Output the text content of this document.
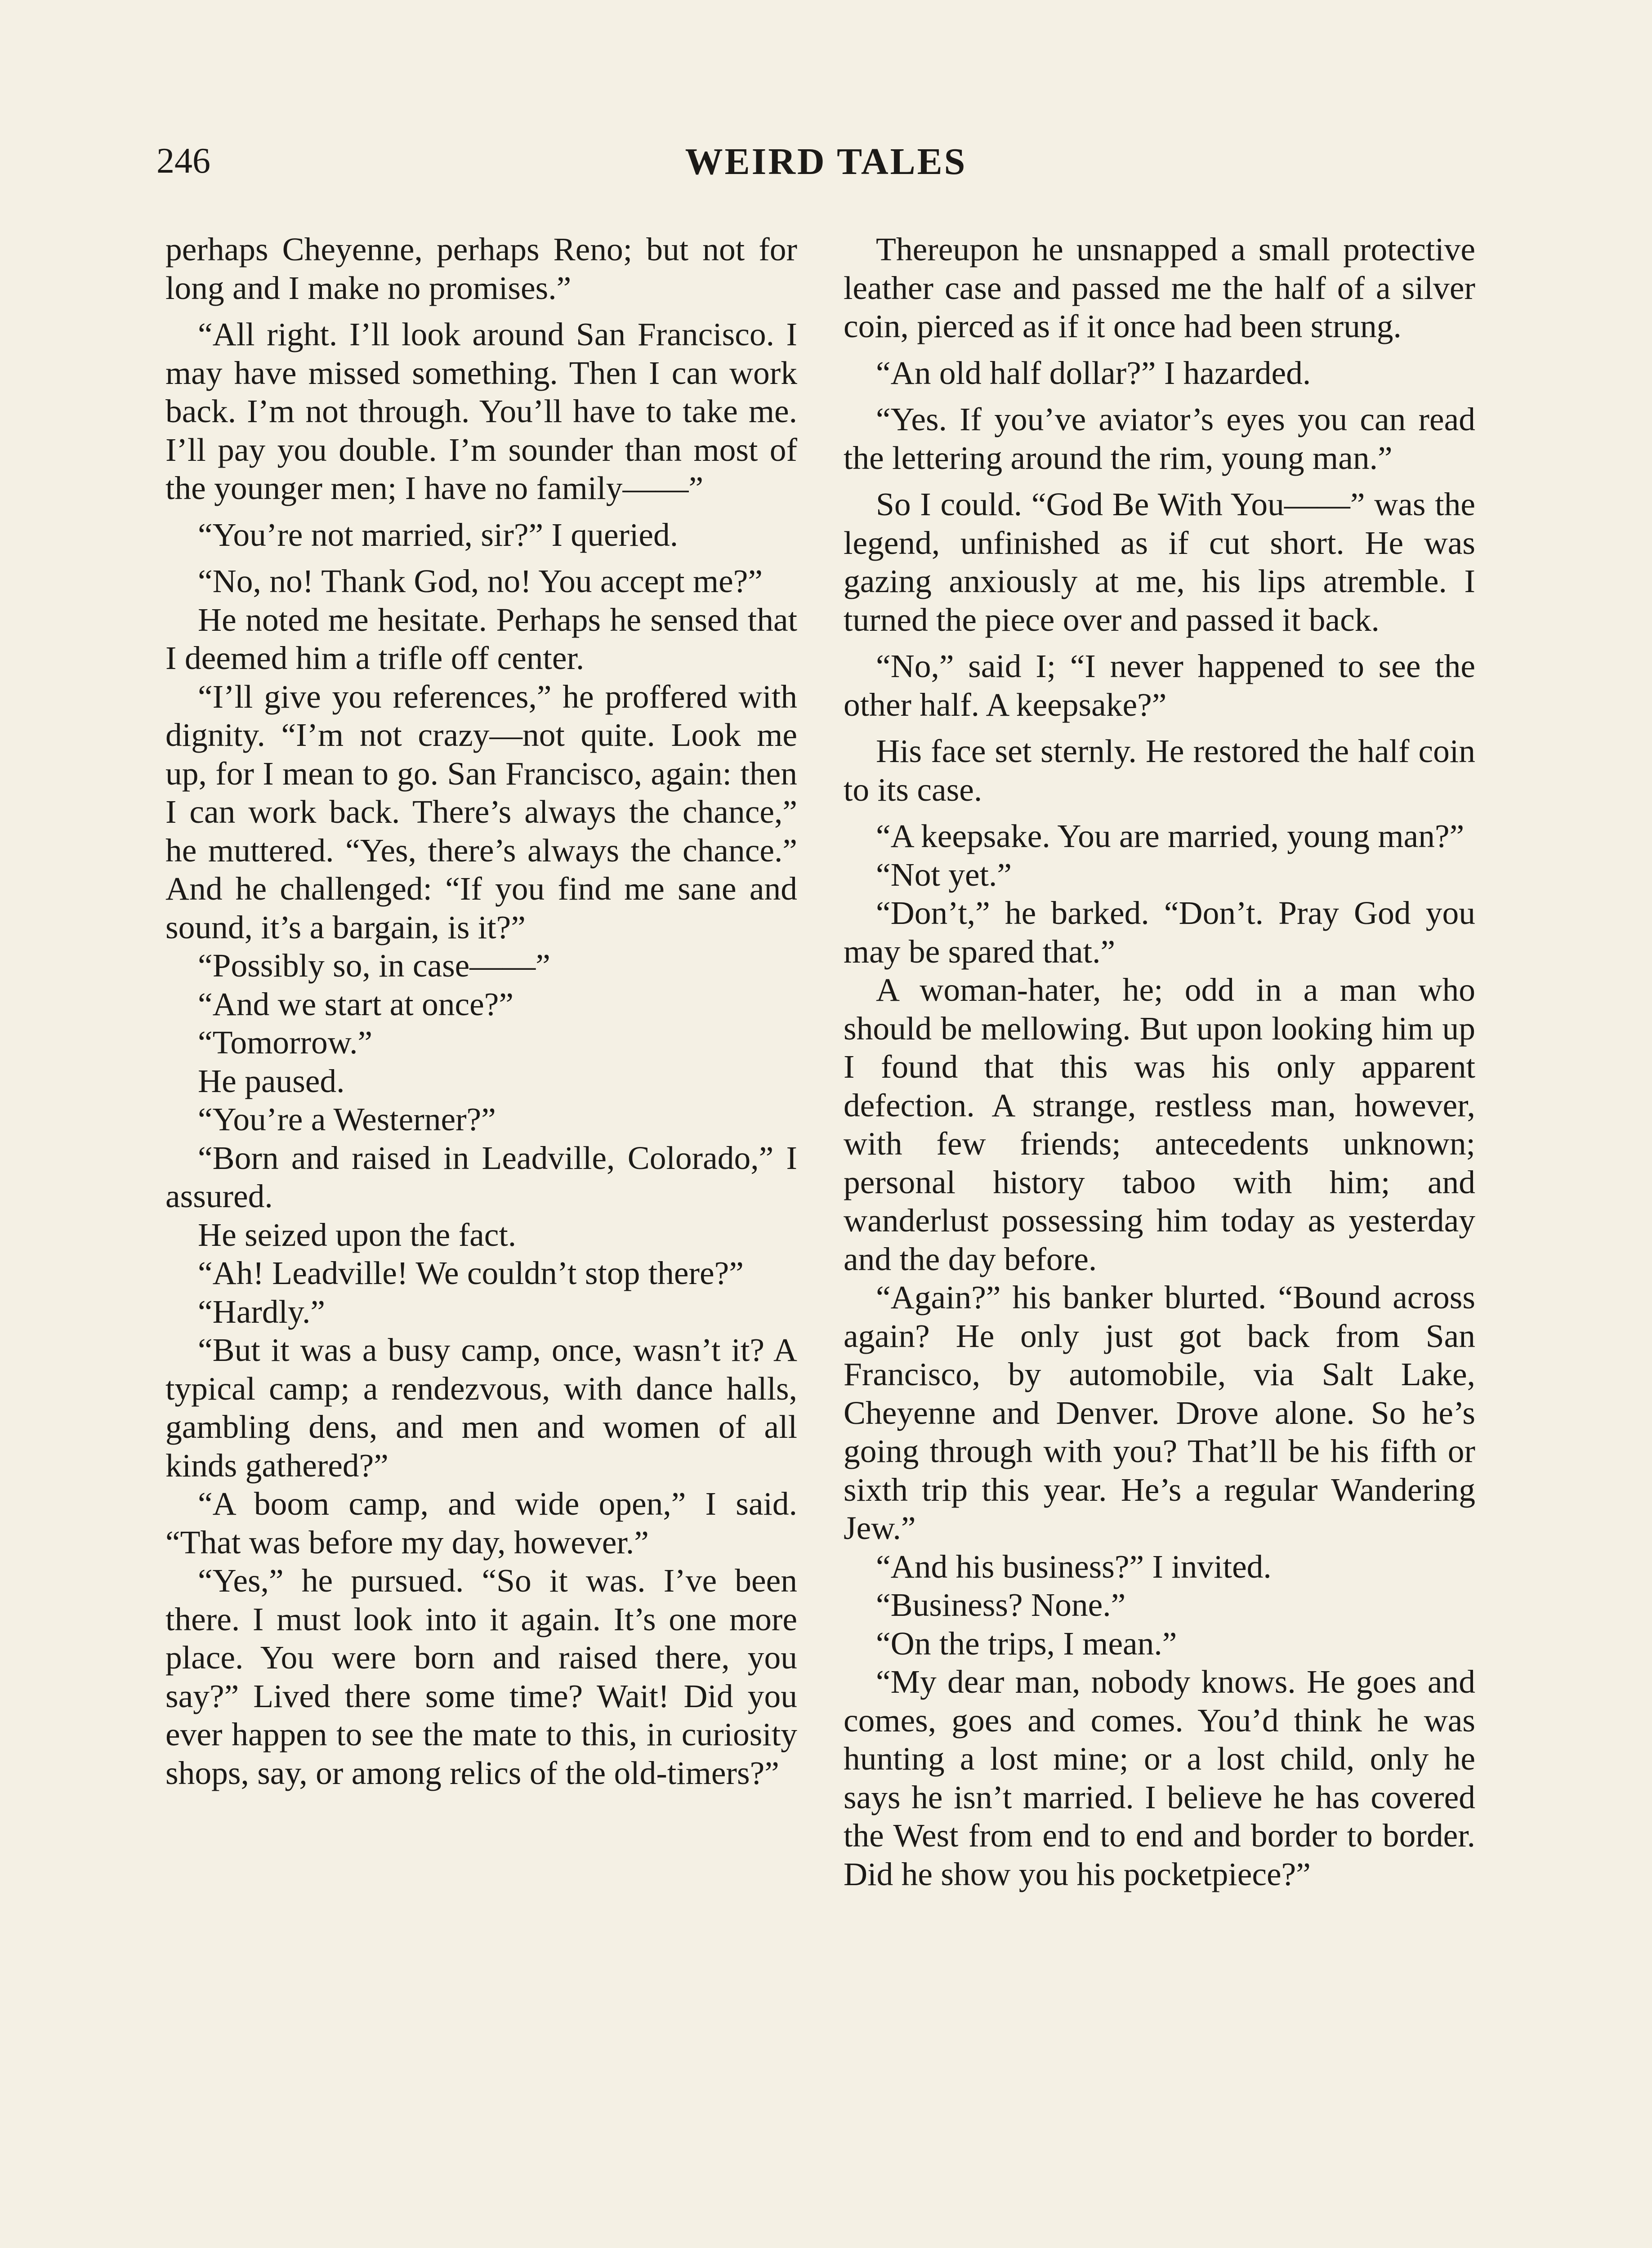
246	WEIRD TALES

perhaps Cheyenne, perhaps Reno; but not for long and I make no promises.”

“All right. I’ll look around San Francisco. I may have missed something. Then I can work back. I’m not through. You’ll have to take me. I’ll pay you double. I’m sounder than most of the younger men; I have no family——”

“You’re not married, sir?” I queried.

“No, no! Thank God, no! You accept me?”

He noted me hesitate. Perhaps he sensed that I deemed him a trifle off center.

“I’ll give you references,” he proffered with dignity. “I’m not crazy—not quite. Look me up, for I mean to go. San Francisco, again: then I can work back. There’s always the chance,” he muttered. “Yes, there’s always the chance.” And he challenged: “If you find me sane and sound, it’s a bargain, is it?”

“Possibly so, in case——”

“And we start at once?”

“Tomorrow.”

He paused.

“You’re a Westerner?”

“Born and raised in Leadville, Colorado,” I assured.

He seized upon the fact.

“Ah! Leadville! We couldn’t stop there?”

“Hardly.”

“But it was a busy camp, once, wasn’t it? A typical camp; a rendezvous, with dance halls, gambling dens, and men and women of all kinds gathered?”

“A boom camp, and wide open,” I said. “That was before my day, however.”

“Yes,” he pursued. “So it was. I’ve been there. I must look into it again. It’s one more place. You were born and raised there, you say?” Lived there some time? Wait! Did you ever happen to see the mate to this, in curiosity shops, say, or among relics of the old-timers?”

Thereupon he unsnapped a small protective leather case and passed me the half of a silver coin, pierced as if it once had been strung.

“An old half dollar?” I hazarded.

“Yes. If you’ve aviator’s eyes you can read the lettering around the rim, young man.”

So I could. “God Be With You——” was the legend, unfinished as if cut short. He was gazing anxiously at me, his lips atremble. I turned the piece over and passed it back.

“No,” said I; “I never happened to see the other half. A keepsake?”

His face set sternly. He restored the half coin to its case.

“A keepsake. You are married, young man?”

“Not yet.”

“Don’t,” he barked. “Don’t. Pray God you may be spared that.”

A woman-hater, he; odd in a man who should be mellowing. But upon looking him up I found that this was his only apparent defection. A strange, restless man, however, with few friends; antecedents unknown; personal history taboo with him; and wanderlust possessing him today as yesterday and the day before.

“Again?” his banker blurted. “Bound across again? He only just got back from San Francisco, by automobile, via Salt Lake, Cheyenne and Denver. Drove alone. So he’s going through with you? That’ll be his fifth or sixth trip this year. He’s a regular Wandering Jew.”

“And his business?” I invited.

“Business? None.”

“On the trips, I mean.”

“My dear man, nobody knows. He goes and comes, goes and comes. You’d think he was hunting a lost mine; or a lost child, only he says he isn’t married. I believe he has covered the West from end to end and border to border. Did he show you his pocketpiece?”
